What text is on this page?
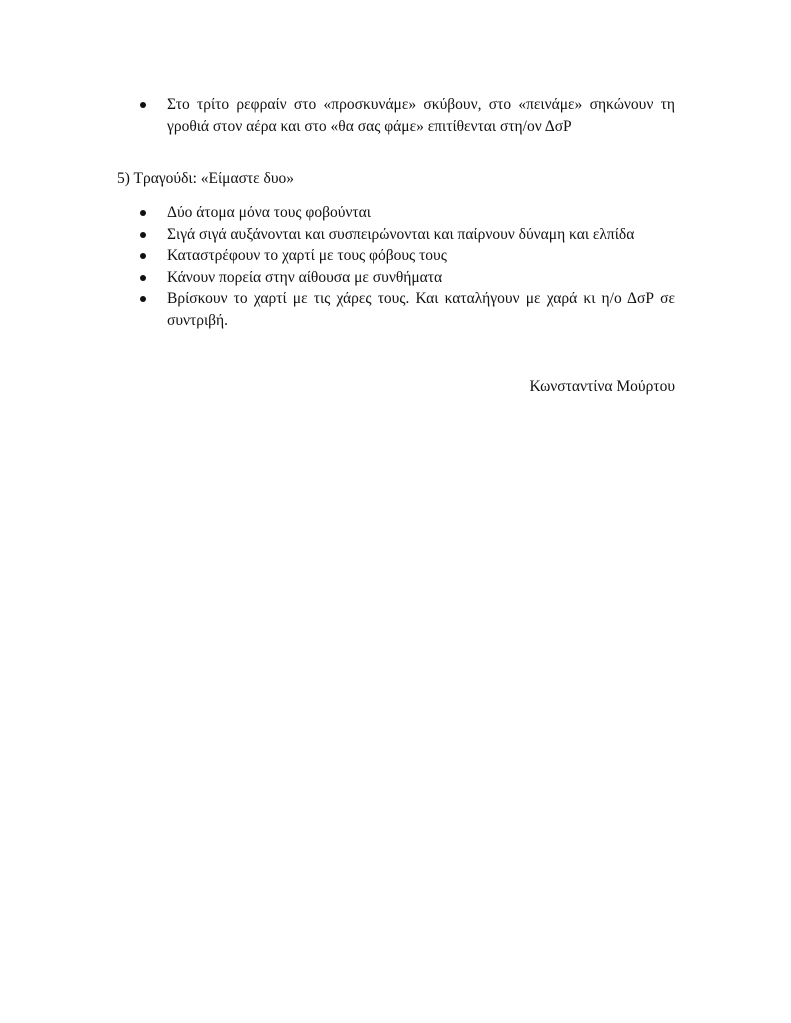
Στο τρίτο ρεφραίν στο «προσκυνάμε» σκύβουν, στο «πεινάμε» σηκώνουν τη γροθιά στον αέρα και στο «θα σας φάμε» επιτίθενται στη/ον ΔσΡ
5) Τραγούδι: «Είμαστε δυο»
Δύο άτομα μόνα τους φοβούνται
Σιγά σιγά αυξάνονται και συσπειρώνονται και παίρνουν δύναμη και ελπίδα
Καταστρέφουν το χαρτί με τους φόβους τους
Κάνουν πορεία στην αίθουσα με συνθήματα
Βρίσκουν το χαρτί με τις χάρες τους. Και καταλήγουν με χαρά κι η/ο ΔσΡ σε συντριβή.
Κωνσταντίνα Μούρτου
